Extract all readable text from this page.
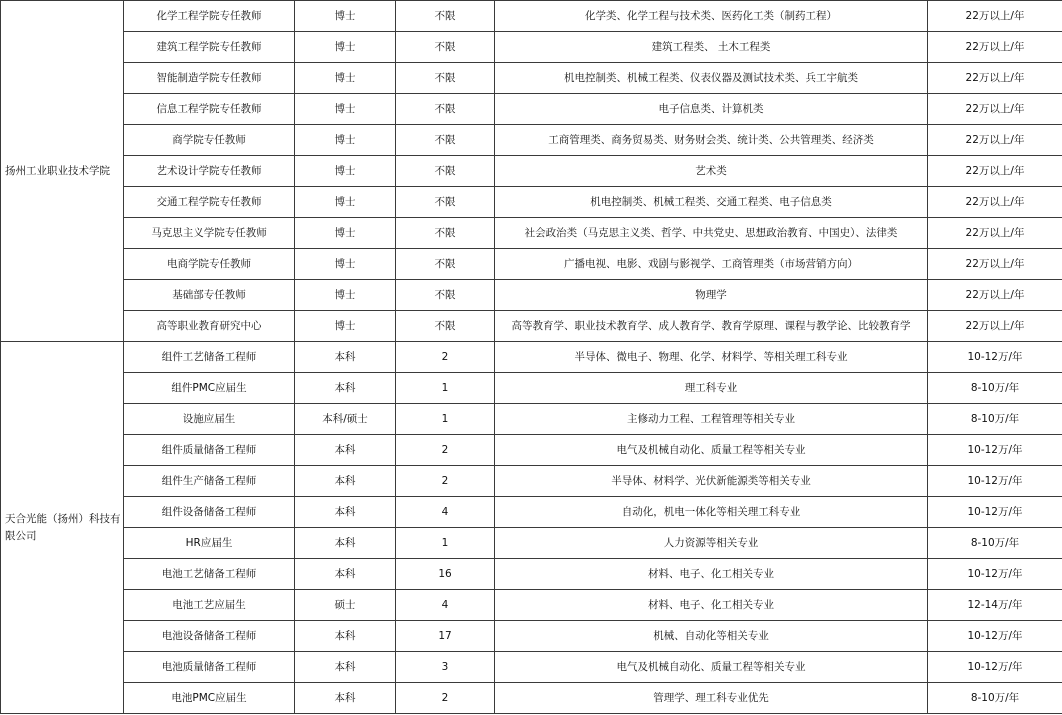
扬州工业职业技术学院	化学工程学院专任教师	博士	不限	化学类、化学工程与技术类、医药化工类（制药工程）	22万以上/年
	建筑工程学院专任教师	博士	不限	建筑工程类、 土木工程类	22万以上/年
	智能制造学院专任教师	博士	不限	机电控制类、机械工程类、仪表仪器及测试技术类、兵工宇航类	22万以上/年
	信息工程学院专任教师	博士	不限	电子信息类、计算机类	22万以上/年
	商学院专任教师	博士	不限	工商管理类、商务贸易类、财务财会类、统计类、公共管理类、经济类	22万以上/年
	艺术设计学院专任教师	博士	不限	艺术类	22万以上/年
	交通工程学院专任教师	博士	不限	机电控制类、机械工程类、交通工程类、电子信息类	22万以上/年
	马克思主义学院专任教师	博士	不限	社会政治类（马克思主义类、哲学、中共党史、思想政治教育、中国史）、法律类	22万以上/年
	电商学院专任教师	博士	不限	广播电视、电影、戏剧与影视学、工商管理类（市场营销方向）	22万以上/年
	基础部专任教师	博士	不限	物理学	22万以上/年
	高等职业教育研究中心	博士	不限	高等教育学、职业技术教育学、成人教育学、教育学原理、课程与教学论、比较教育学	22万以上/年
天合光能（扬州）科技有限公司	组件工艺储备工程师	本科	2	半导体、微电子、物理、化学、材料学、等相关理工科专业	10-12万/年
	组件PMC应届生	本科	1	理工科专业	8-10万/年
	设施应届生	本科/硕士	1	主修动力工程、工程管理等相关专业	8-10万/年
	组件质量储备工程师	本科	2	电气及机械自动化、质量工程等相关专业	10-12万/年
	组件生产储备工程师	本科	2	半导体、材料学、光伏新能源类等相关专业	10-12万/年
	组件设备储备工程师	本科	4	自动化，机电一体化等相关理工科专业	10-12万/年
	HR应届生	本科	1	人力资源等相关专业	8-10万/年
	电池工艺储备工程师	本科	16	材料、电子、化工相关专业	10-12万/年
	电池工艺应届生	硕士	4	材料、电子、化工相关专业	12-14万/年
	电池设备储备工程师	本科	17	机械、自动化等相关专业	10-12万/年
	电池质量储备工程师	本科	3	电气及机械自动化、质量工程等相关专业	10-12万/年
	电池PMC应届生	本科	2	管理学、理工科专业优先	8-10万/年
